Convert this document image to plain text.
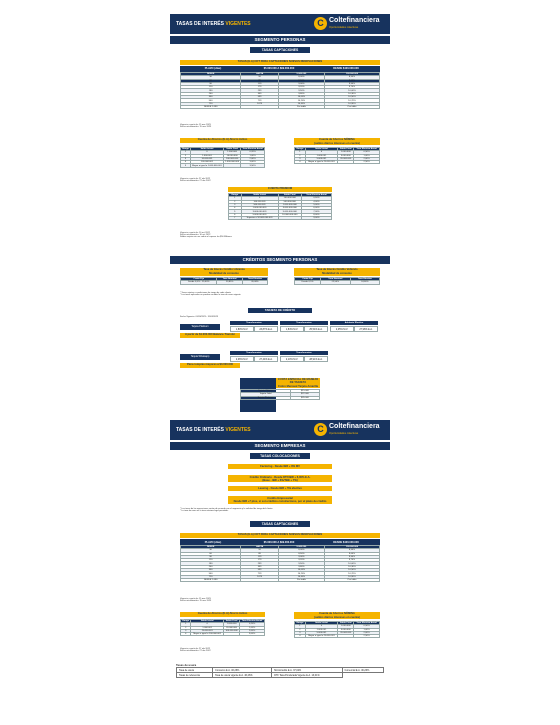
TASAS DE INTERÉS VIGENTES	C Coltefinanciera
Oportunidades colectivas
SEGMENTO PERSONAS
TASAS CAPTACIONES
TASAS (E.A) CDT PARA CAPTACIONES NUEVAS RENOVACIONES
PLAZO (días)	$5.000.000 A $99.000.000	DESDE $100.000.000
DESDE	HASTA	5.000.000	100.000.000
30	59	8,00%	8,50%
60	89	8,50%	9,00%
90	119	9,00%	9,50%
120	179	9,20%	9,70%
180	239	9,50%	10,00%
240	359	9,80%	10,30%
360	539	10,00%	10,50%
540	719	10,20%	10,70%
720	1079	10,40%	10,90%
DESDE 1.080		Por tabla	Por tabla
Vigencia a partir de: 15 mar 2023
Fecha actualización: 15 mar 2023
Cuenta de Ahorros (E.A) Ahorro Activo
Rango	Saldo Inicial	Saldo Final	Tasa Efectiva Anual
1	0	1.000.000	0,20%
2	1.000.001	10.000.000	1,00%
3	10.000.001	100.000.000	2,00%
4	100.000.001	1.000.000.000	3,00%
5	Mayor o igual a 1.000.000.001		3,50%
Vigencia a partir de: 27 abr 2022
Fecha actualización: 27 abr 2022
Cuenta de Ahorros NÓMINA
(saldos diarios intereses en cuenta)
Rango	Saldo Inicial	Saldo Final	Tasa Efectiva Anual
1	0	1.000.000	0,50%
2	1.000.001	5.000.000	1,00%
3	5.000.001	20.000.000	2,00%
4	Mayor o igual a 20.000.001		2,50%
CUENTA PREMIUM
Rango	Saldo Inicial	Saldo Final	Tasa Efectiva Anual
1	0	100.000.000	0,50%
2	100.000.001	500.000.000	4,00%
3	500.000.001	1.000.000.000	5,00%
4	1.000.000.001	3.000.000.000	6,00%
5	3.000.000.001	5.000.000.000	7,00%
6	5.000.000.001	10.000.000.000	8,00%
7	Superior a 10.000.000.001		9,00%
Vigencia a partir de: 10 oct 2022
Fecha actualización: 10 oct 2022
Saldos sujetos sin ser sobrio al superar los $50 Millones
CRÉDITOS SEGMENTO PERSONAS
Tasa de Interés Crédito Libranza
Modalidad de consumo
Cuota Fija	Tasa Nominal	Tasa Efectiva
Desde 0,5% - 25,00%	23,85%	26,08%
Tasa de Interés Crédito Vehículo
Modalidad de consumo
Cuota Fija	Tasa Nominal	Tasa Efectiva
Desde 0,5%	22,50%	24,80%
* Tasas sujetas a condiciones de riesgo de cada cliente
* Las tasas aplicadas no pueden exceder la tasa de usura vigente
TARJETA DE CRÉDITO
Fecha Vigencia: 01/03/2023 - 31/03/2023
Tarjeta Platinum
A partir de $1.000.000 Balance-Transfer
Tarjeta Whatsapp
Para compras mayores a $3.000.000
CUOTA ESPECIAL DE MANEJO DE TARJETA
Cobro Mensual Tarjeta Amarilla
Tarjeta Clásica	$15.000
Tarjeta Gold	$22.000
Tarjeta Platinum	$35.000
TASAS DE INTERÉS VIGENTES	C Coltefinanciera
Oportunidades colectivas
SEGMENTO EMPRESAS
TASAS COLOCACIONES
* Las tasas de las operaciones varían de acuerdo con el segmento y la solicitud de riesgo del cliente.
* La tasa de mora es la tasa máxima legal permitida.
TASAS CAPTACIONES
TASAS (E.A) CDT PARA CAPTACIONES NUEVAS RENOVACIONES
PLAZO (días)	$5.000.000 A $99.000.000	DESDE $100.000.000
DESDE	HASTA	5.000.000	100.000.000
30	59	8,00%	8,50%
60	89	8,50%	9,00%
90	119	9,00%	9,50%
120	179	9,20%	9,70%
180	239	9,50%	10,00%
240	359	9,80%	10,30%
360	539	10,00%	10,50%
540	719	10,20%	10,70%
720	1079	10,40%	10,90%
DESDE 1.080		Por tabla	Por tabla
Vigencia a partir de: 15 mar 2023
Fecha actualización: 15 mar 2023
Cuenta de Ahorros (E.A) Ahorro Activo
Rango	Saldo Inicial	Saldo Final	Tasa Efectiva Anual
1	0	1.000.000	0,20%
2	1.000.001	20.000.000	1,00%
3	20.000.001	100.000.000	2,00%
4	Mayor o igual a 100.000.001		3,00%
Vigencia a partir de: 27 abr 2022
Fecha actualización: 27 abr 2022
Cuenta de Ahorros NÓMINA
(saldos diarios intereses en cuenta)
Rango	Saldo Inicial	Saldo Final	Tasa Efectiva Anual
1	0	1.000.000	0,50%
2	1.000.001	5.000.000	1,00%
3	5.000.001	20.000.000	2,00%
4	Mayor o igual a 20.000.001		2,50%
Tasas de usura
Tasa de usura	Consumo E.A. 46,26%	Microcrédito E.A. 37,02%	Comercial E.A. 46,26%
Tasas de referencia	Tasa de usura vigente E.A. 46,26%	DTF Tasa Ponderada Vigente E.A. 13,01%	
Transferencias
1,80% M.V.	23,87% E.A.
Transferencias
1,84% M.V.	25,54% E.A.
Adelanto Efectivo
2,05% M.V.	27,98% E.A.
Transferencias
2,06% M.V.	27,44% E.A.
Transferencias
2,10% M.V.	28,91% E.A.
Factoring - Desde IBR + 8% MV
Crédito Ordinario - Desde DTF/IBR + 6,00% E.A.
(Base - IBR + 6%/TBE + 7%)
Leasing - Desde IBR + 5% efectivo
Crédito Empresarial
Desde IBR +7 ptos, si son créditos constructores, por el plazo de crédito
